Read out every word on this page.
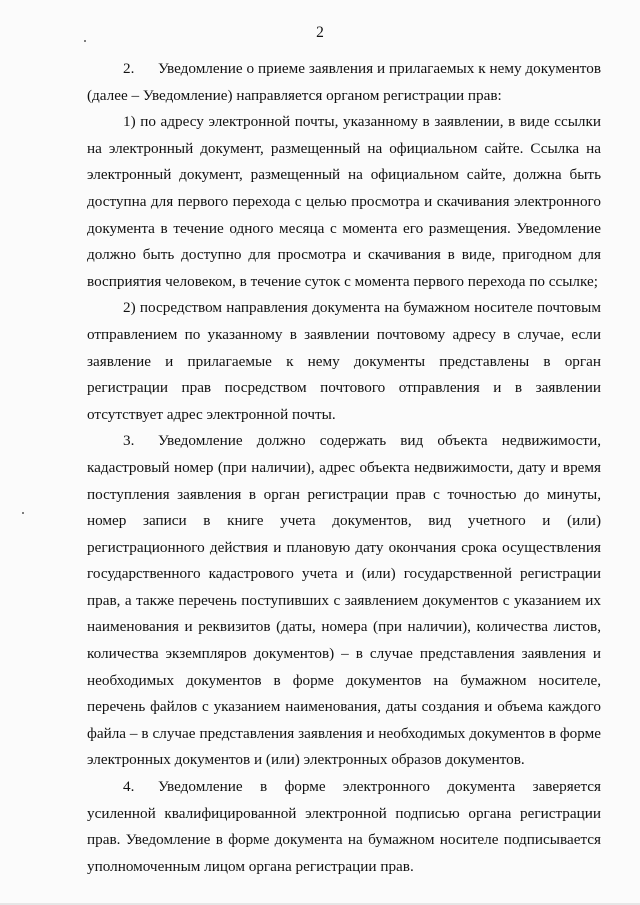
2

2. Уведомление о приеме заявления и прилагаемых к нему документов (далее – Уведомление) направляется органом регистрации прав:

1) по адресу электронной почты, указанному в заявлении, в виде ссылки на электронный документ, размещенный на официальном сайте. Ссылка на электронный документ, размещенный на официальном сайте, должна быть доступна для первого перехода с целью просмотра и скачивания электронного документа в течение одного месяца с момента его размещения. Уведомление должно быть доступно для просмотра и скачивания в виде, пригодном для восприятия человеком, в течение суток с момента первого перехода по ссылке;

2) посредством направления документа на бумажном носителе почтовым отправлением по указанному в заявлении почтовому адресу в случае, если заявление и прилагаемые к нему документы представлены в орган регистрации прав посредством почтового отправления и в заявлении отсутствует адрес электронной почты.

3. Уведомление должно содержать вид объекта недвижимости, кадастровый номер (при наличии), адрес объекта недвижимости, дату и время поступления заявления в орган регистрации прав с точностью до минуты, номер записи в книге учета документов, вид учетного и (или) регистрационного действия и плановую дату окончания срока осуществления государственного кадастрового учета и (или) государственной регистрации прав, а также перечень поступивших с заявлением документов с указанием их наименования и реквизитов (даты, номера (при наличии), количества листов, количества экземпляров документов) – в случае представления заявления и необходимых документов в форме документов на бумажном носителе, перечень файлов с указанием наименования, даты создания и объема каждого файла – в случае представления заявления и необходимых документов в форме электронных документов и (или) электронных образов документов.

4. Уведомление в форме электронного документа заверяется усиленной квалифицированной электронной подписью органа регистрации прав. Уведомление в форме документа на бумажном носителе подписывается уполномоченным лицом органа регистрации прав.
